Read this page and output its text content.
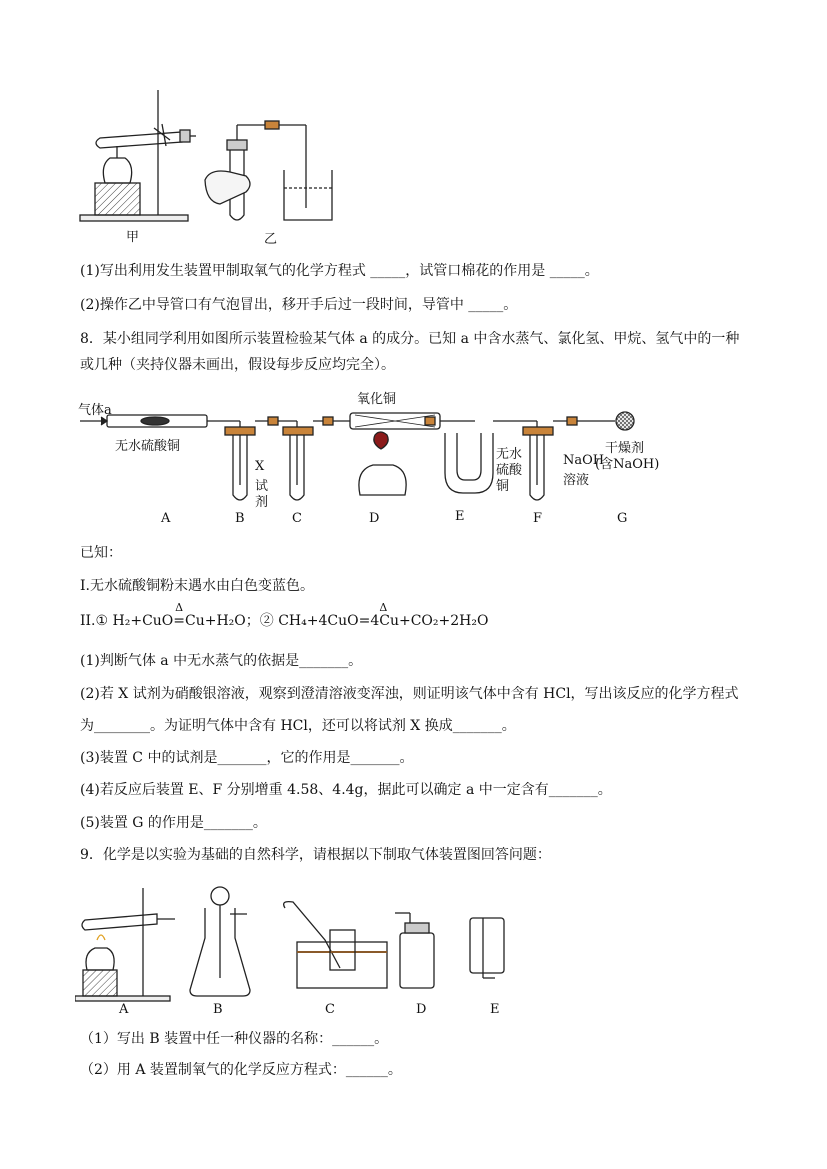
甲	乙
(1)写出利用发生装置甲制取氧气的化学方程式 _____，试管口棉花的作用是 _____。
(2)操作乙中导管口有气泡冒出，移开手后过一段时间，导管中 _____。
8．某小组同学利用如图所示装置检验某气体 a 的成分。已知 a 中含水蒸气、氯化氢、甲烷、氢气中的一种
或几种（夹持仪器未画出，假设每步反应均完全）。
气体a
无水硫酸铜
氧化铜
X
试
剂
无水
硫酸
铜
NaOH
溶液
干燥剂
(含NaOH)
A	B	C	D	E	F	G
已知：
I.无水硫酸铜粉末遇水由白色变蓝色。
II.①
Δ
H₂+CuO=Cu+H₂O；②
Δ
CH₄+4CuO=4Cu+CO₂+2H₂O
(1)判断气体 a 中无水蒸气的依据是_______。
(2)若 X 试剂为硝酸银溶液，观察到澄清溶液变浑浊，则证明该气体中含有 HCl，写出该反应的化学方程式
为________。为证明气体中含有 HCl，还可以将试剂 X 换成_______。
(3)装置 C 中的试剂是_______，它的作用是_______。
(4)若反应后装置 E、F 分别增重 4.58、4.4g，据此可以确定 a 中一定含有_______。
(5)装置 G 的作用是_______。
9．化学是以实验为基础的自然科学，请根据以下制取气体装置图回答问题：
A	B	C	D	E
（1）写出 B 装置中任一种仪器的名称：______。
（2）用 A 装置制氧气的化学反应方程式：______。
